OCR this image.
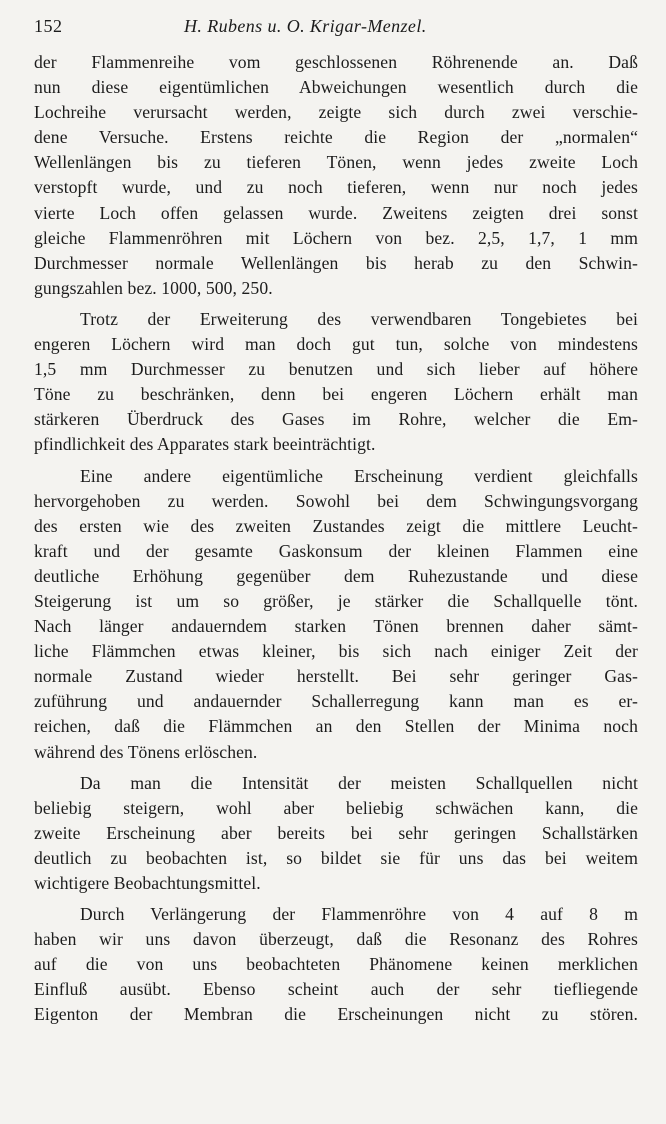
152	H. Rubens u. O. Krigar-Menzel.
der Flammenreihe vom geschlossenen Röhrenende an. Daß
nun diese eigentümlichen Abweichungen wesentlich durch die
Lochreihe verursacht werden, zeigte sich durch zwei verschie-
dene Versuche. Erstens reichte die Region der „normalen“
Wellenlängen bis zu tieferen Tönen, wenn jedes zweite Loch
verstopft wurde, und zu noch tieferen, wenn nur noch jedes
vierte Loch offen gelassen wurde. Zweitens zeigten drei sonst
gleiche Flammenröhren mit Löchern von bez. 2,5, 1,7, 1 mm
Durchmesser normale Wellenlängen bis herab zu den Schwin-
gungszahlen bez. 1000, 500, 250.
Trotz der Erweiterung des verwendbaren Tongebietes bei
engeren Löchern wird man doch gut tun, solche von mindestens
1,5 mm Durchmesser zu benutzen und sich lieber auf höhere
Töne zu beschränken, denn bei engeren Löchern erhält man
stärkeren Überdruck des Gases im Rohre, welcher die Em-
pfindlichkeit des Apparates stark beeinträchtigt.
Eine andere eigentümliche Erscheinung verdient gleichfalls
hervorgehoben zu werden. Sowohl bei dem Schwingungsvorgang
des ersten wie des zweiten Zustandes zeigt die mittlere Leucht-
kraft und der gesamte Gaskonsum der kleinen Flammen eine
deutliche Erhöhung gegenüber dem Ruhezustande und diese
Steigerung ist um so größer, je stärker die Schallquelle tönt.
Nach länger andauerndem starken Tönen brennen daher sämt-
liche Flämmchen etwas kleiner, bis sich nach einiger Zeit der
normale Zustand wieder herstellt. Bei sehr geringer Gas-
zuführung und andauernder Schallerregung kann man es er-
reichen, daß die Flämmchen an den Stellen der Minima noch
während des Tönens erlöschen.
Da man die Intensität der meisten Schallquellen nicht
beliebig steigern, wohl aber beliebig schwächen kann, die
zweite Erscheinung aber bereits bei sehr geringen Schallstärken
deutlich zu beobachten ist, so bildet sie für uns das bei weitem
wichtigere Beobachtungsmittel.
Durch Verlängerung der Flammenröhre von 4 auf 8 m
haben wir uns davon überzeugt, daß die Resonanz des Rohres
auf die von uns beobachteten Phänomene keinen merklichen
Einfluß ausübt. Ebenso scheint auch der sehr tiefliegende
Eigenton der Membran die Erscheinungen nicht zu stören.
